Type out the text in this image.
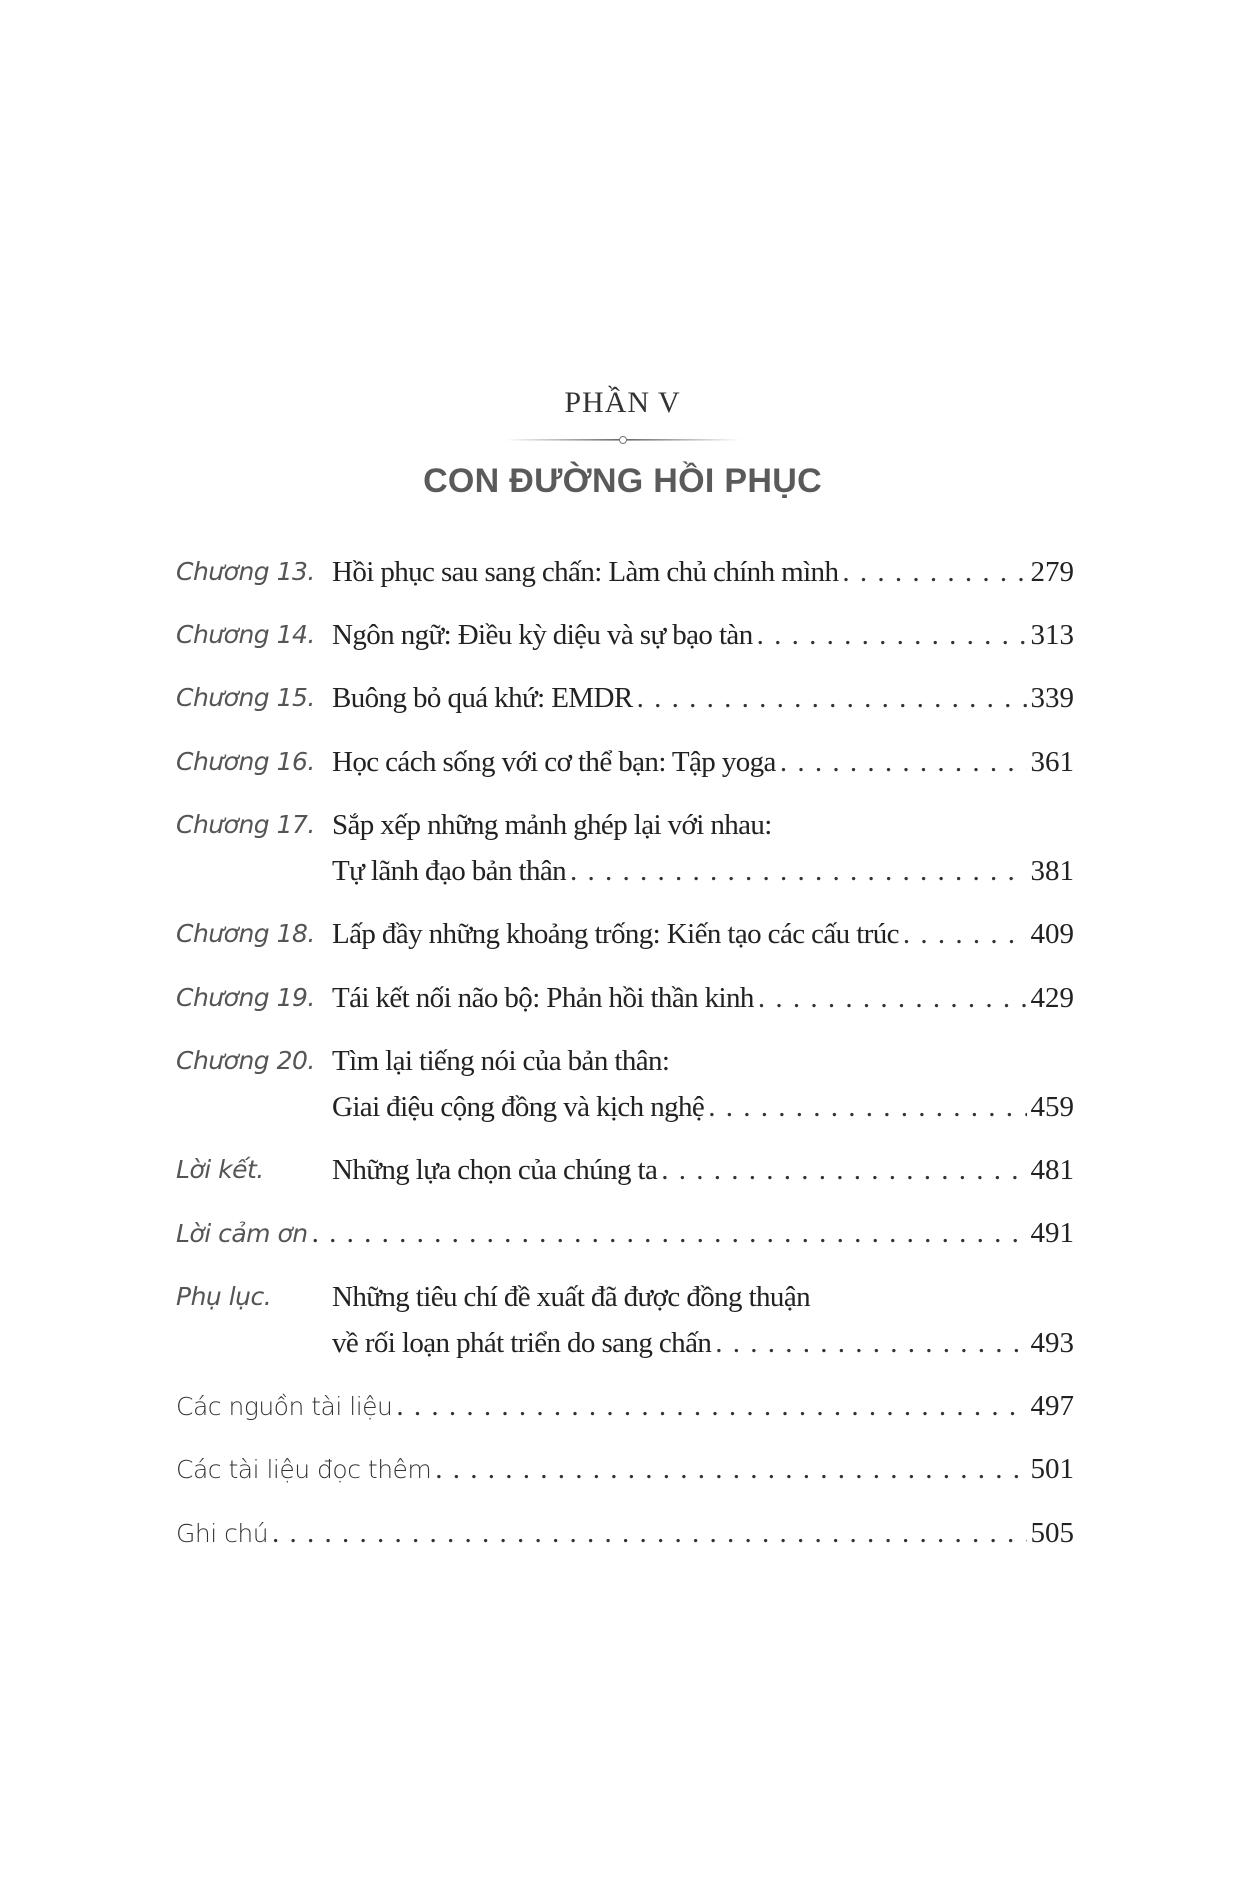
PHẦN V
CON ĐƯỜNG HỒI PHỤC
Chương 13. Hồi phục sau sang chấn: Làm chủ chính mình . . .	279
Chương 14. Ngôn ngữ: Điều kỳ diệu và sự bạo tàn . . .	313
Chương 15. Buông bỏ quá khứ: EMDR . . .	339
Chương 16. Học cách sống với cơ thể bạn: Tập yoga . . .	361
Chương 17. Sắp xếp những mảnh ghép lại với nhau:
Tự lãnh đạo bản thân . . .	381
Chương 18. Lấp đầy những khoảng trống: Kiến tạo các cấu trúc . . .	409
Chương 19. Tái kết nối não bộ: Phản hồi thần kinh . . .	429
Chương 20. Tìm lại tiếng nói của bản thân:
Giai điệu cộng đồng và kịch nghệ . . .	459
Lời kết. Những lựa chọn của chúng ta . . .	481
Lời cảm ơn . . .	491
Phụ lục. Những tiêu chí đề xuất đã được đồng thuận
về rối loạn phát triển do sang chấn . . .	493
Các nguồn tài liệu . . .	497
Các tài liệu đọc thêm . . .	501
Ghi chú . . .	505
